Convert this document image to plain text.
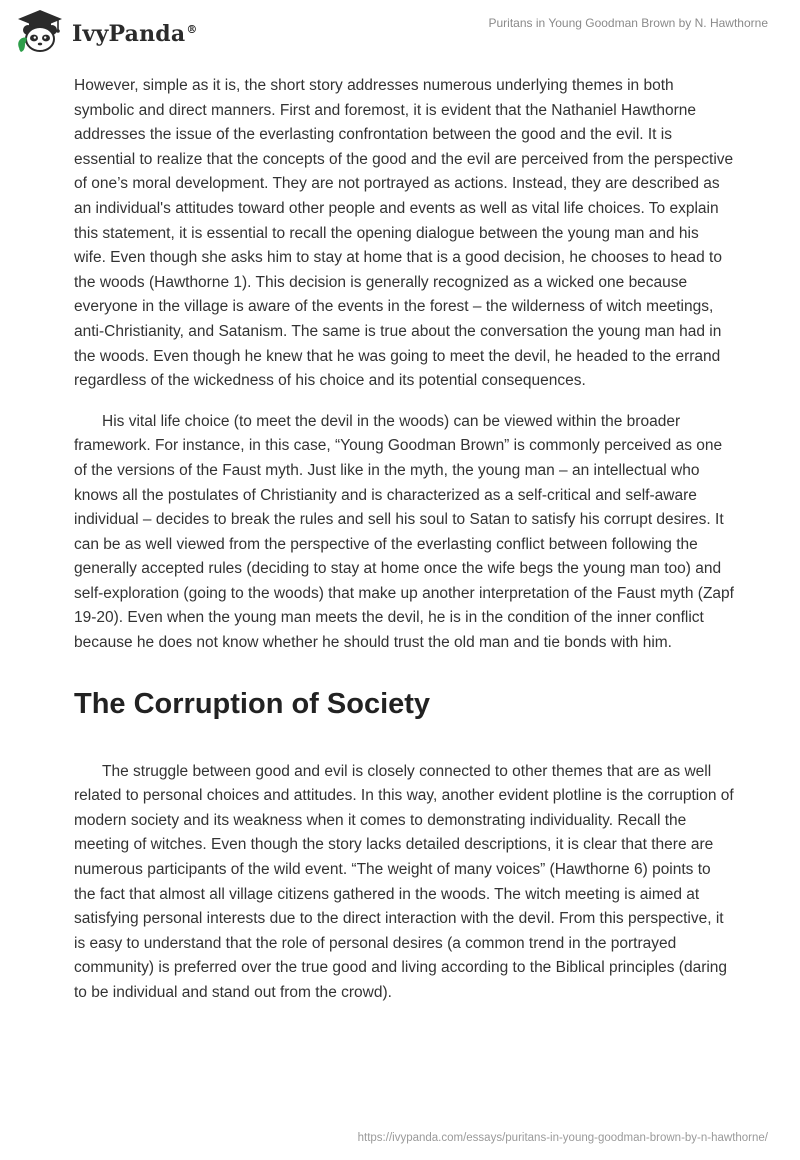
IvyPanda®	Puritans in Young Goodman Brown by N. Hawthorne

However, simple as it is, the short story addresses numerous underlying themes in both symbolic and direct manners. First and foremost, it is evident that the Nathaniel Hawthorne addresses the issue of the everlasting confrontation between the good and the evil. It is essential to realize that the concepts of the good and the evil are perceived from the perspective of one’s moral development. They are not portrayed as actions. Instead, they are described as an individual's attitudes toward other people and events as well as vital life choices. To explain this statement, it is essential to recall the opening dialogue between the young man and his wife. Even though she asks him to stay at home that is a good decision, he chooses to head to the woods (Hawthorne 1). This decision is generally recognized as a wicked one because everyone in the village is aware of the events in the forest – the wilderness of witch meetings, anti-Christianity, and Satanism. The same is true about the conversation the young man had in the woods. Even though he knew that he was going to meet the devil, he headed to the errand regardless of the wickedness of his choice and its potential consequences.

His vital life choice (to meet the devil in the woods) can be viewed within the broader framework. For instance, in this case, “Young Goodman Brown” is commonly perceived as one of the versions of the Faust myth. Just like in the myth, the young man – an intellectual who knows all the postulates of Christianity and is characterized as a self-critical and self-aware individual – decides to break the rules and sell his soul to Satan to satisfy his corrupt desires. It can be as well viewed from the perspective of the everlasting conflict between following the generally accepted rules (deciding to stay at home once the wife begs the young man too) and self-exploration (going to the woods) that make up another interpretation of the Faust myth (Zapf 19-20). Even when the young man meets the devil, he is in the condition of the inner conflict because he does not know whether he should trust the old man and tie bonds with him.

The Corruption of Society

The struggle between good and evil is closely connected to other themes that are as well related to personal choices and attitudes. In this way, another evident plotline is the corruption of modern society and its weakness when it comes to demonstrating individuality. Recall the meeting of witches. Even though the story lacks detailed descriptions, it is clear that there are numerous participants of the wild event. “The weight of many voices” (Hawthorne 6) points to the fact that almost all village citizens gathered in the woods. The witch meeting is aimed at satisfying personal interests due to the direct interaction with the devil. From this perspective, it is easy to understand that the role of personal desires (a common trend in the portrayed community) is preferred over the true good and living according to the Biblical principles (daring to be individual and stand out from the crowd).

https://ivypanda.com/essays/puritans-in-young-goodman-brown-by-n-hawthorne/
